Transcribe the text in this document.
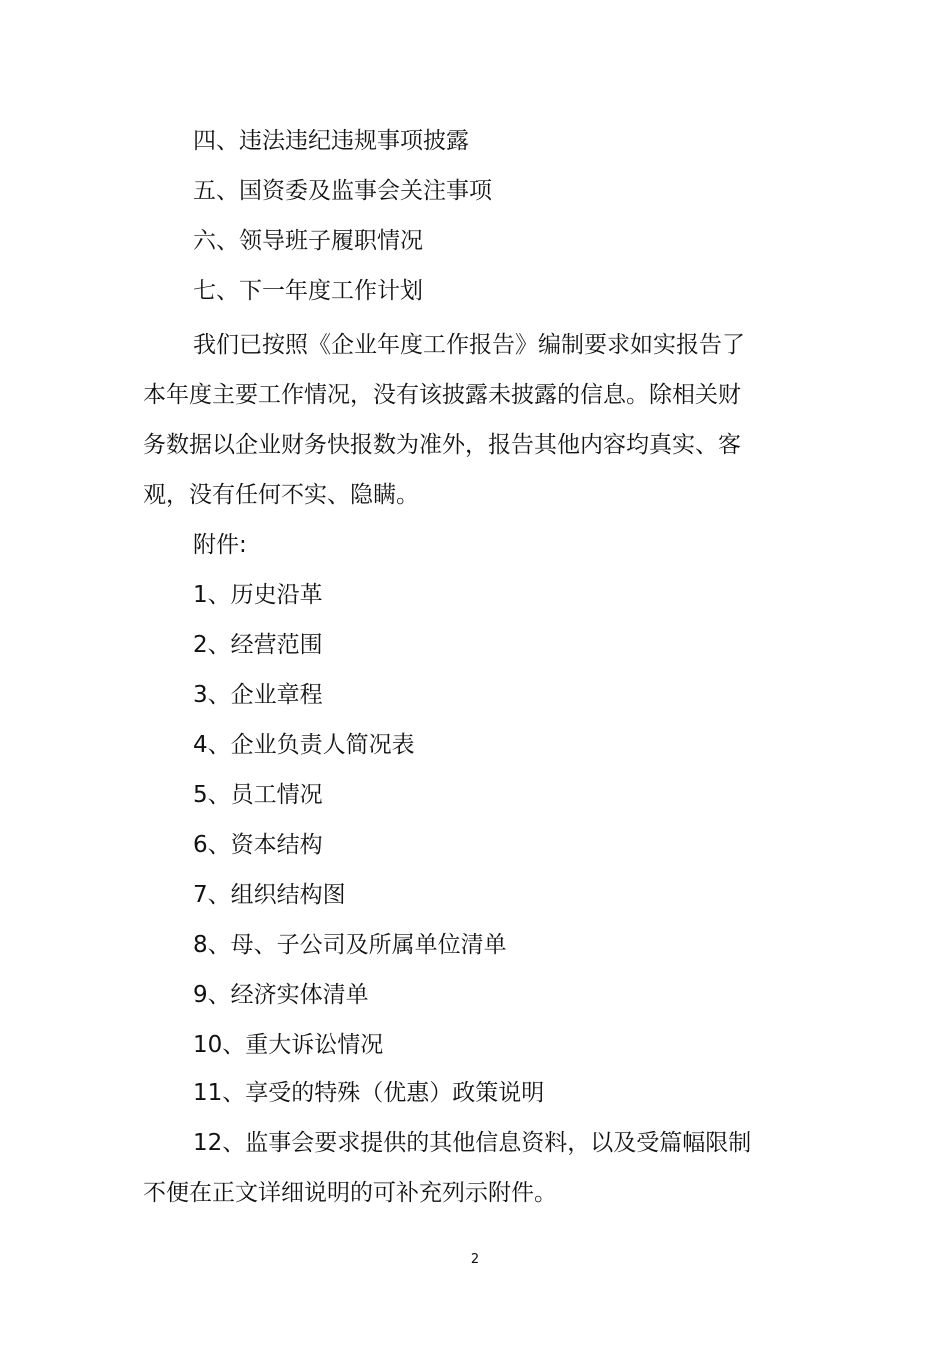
四、违法违纪违规事项披露
五、国资委及监事会关注事项
六、领导班子履职情况
七、下一年度工作计划
我们已按照《企业年度工作报告》编制要求如实报告了
本年度主要工作情况，没有该披露未披露的信息。除相关财
务数据以企业财务快报数为准外，报告其他内容均真实、客
观，没有任何不实、隐瞒。
附件:
1、历史沿革
2、经营范围
3、企业章程
4、企业负责人简况表
5、员工情况
6、资本结构
7、组织结构图
8、母、子公司及所属单位清单
9、经济实体清单
10、重大诉讼情况
11、享受的特殊（优惠）政策说明
12、监事会要求提供的其他信息资料，以及受篇幅限制
不便在正文详细说明的可补充列示附件。
2
